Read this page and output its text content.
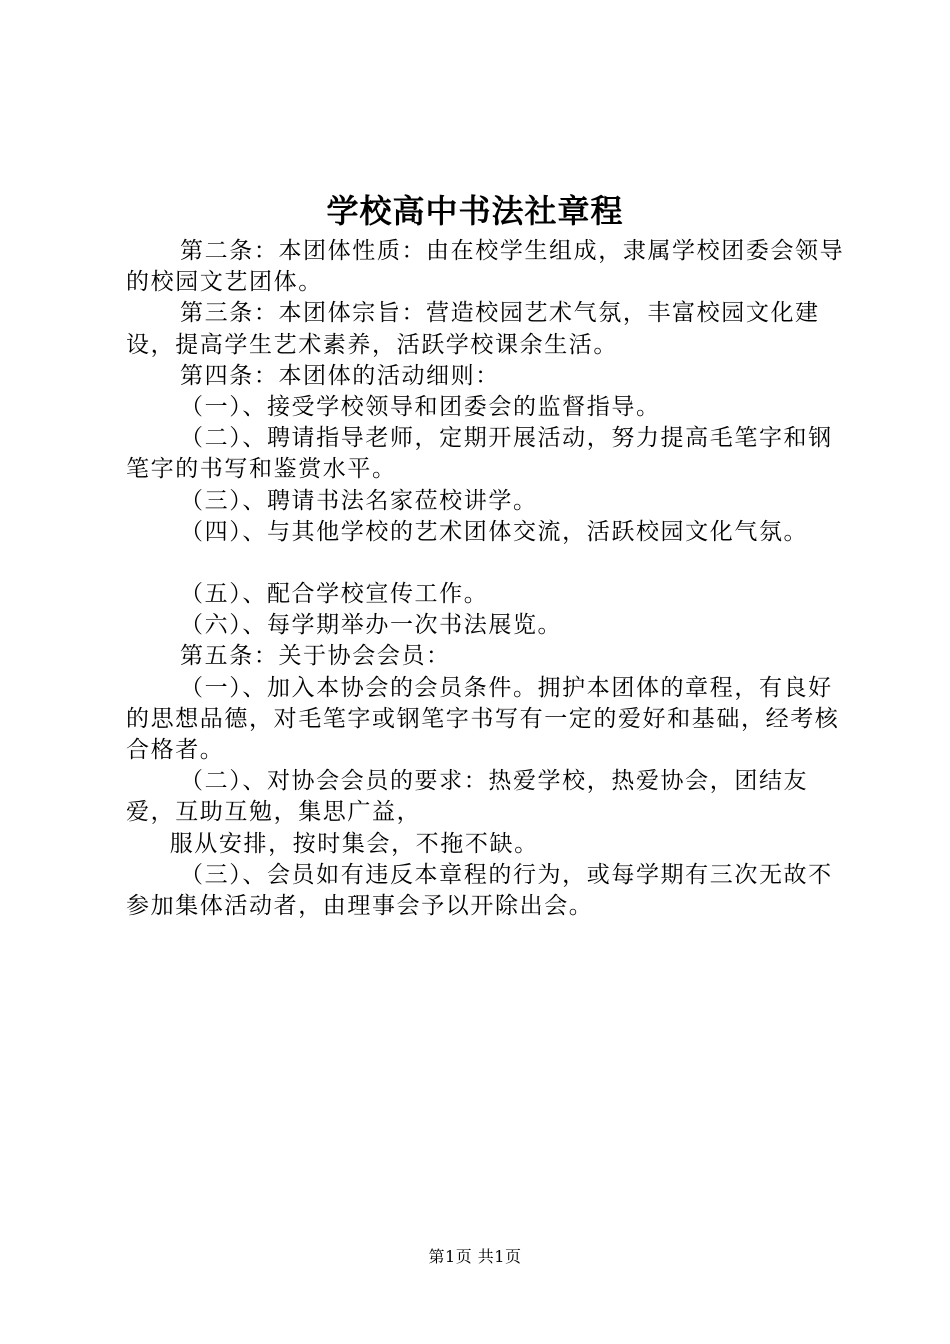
学校高中书法社章程

第二条：本团体性质：由在校学生组成，隶属学校团委会领导的校园文艺团体。

第三条：本团体宗旨：营造校园艺术气氛，丰富校园文化建设，提高学生艺术素养，活跃学校课余生活。

第四条：本团体的活动细则：

（一）、接受学校领导和团委会的监督指导。

（二）、聘请指导老师，定期开展活动，努力提高毛笔字和钢笔字的书写和鉴赏水平。

（三）、聘请书法名家莅校讲学。

（四）、与其他学校的艺术团体交流，活跃校园文化气氛。

（五）、配合学校宣传工作。

（六）、每学期举办一次书法展览。

第五条：关于协会会员：

（一）、加入本协会的会员条件。拥护本团体的章程，有良好的思想品德，对毛笔字或钢笔字书写有一定的爱好和基础，经考核合格者。

（二）、对协会会员的要求：热爱学校，热爱协会，团结友爱，互助互勉，集思广益，

服从安排，按时集会，不拖不缺。

（三）、会员如有违反本章程的行为，或每学期有三次无故不参加集体活动者，由理事会予以开除出会。

第1页 共1页
